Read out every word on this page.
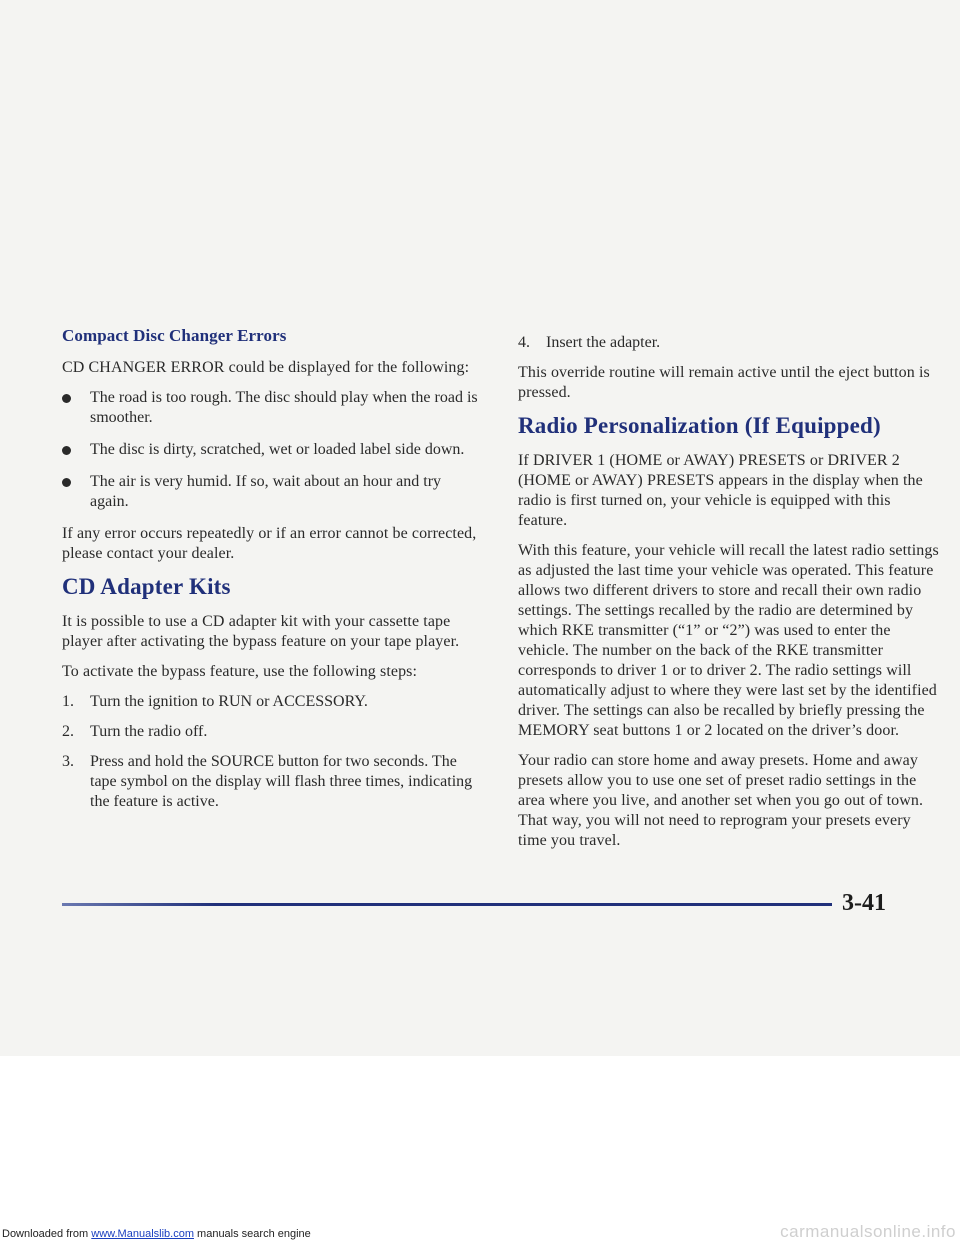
Compact Disc Changer Errors

CD CHANGER ERROR could be displayed for the following:

The road is too rough. The disc should play when the road is smoother.
The disc is dirty, scratched, wet or loaded label side down.
The air is very humid. If so, wait about an hour and try again.

If any error occurs repeatedly or if an error cannot be corrected, please contact your dealer.

CD Adapter Kits

It is possible to use a CD adapter kit with your cassette tape player after activating the bypass feature on your tape player.

To activate the bypass feature, use the following steps:

1. Turn the ignition to RUN or ACCESSORY.
2. Turn the radio off.
3. Press and hold the SOURCE button for two seconds. The tape symbol on the display will flash three times, indicating the feature is active.
4. Insert the adapter.

This override routine will remain active until the eject button is pressed.

Radio Personalization (If Equipped)

If DRIVER 1 (HOME or AWAY) PRESETS or DRIVER 2 (HOME or AWAY) PRESETS appears in the display when the radio is first turned on, your vehicle is equipped with this feature.

With this feature, your vehicle will recall the latest radio settings as adjusted the last time your vehicle was operated. This feature allows two different drivers to store and recall their own radio settings. The settings recalled by the radio are determined by which RKE transmitter (“1” or “2”) was used to enter the vehicle. The number on the back of the RKE transmitter corresponds to driver 1 or to driver 2. The radio settings will automatically adjust to where they were last set by the identified driver. The settings can also be recalled by briefly pressing the MEMORY seat buttons 1 or 2 located on the driver’s door.

Your radio can store home and away presets. Home and away presets allow you to use one set of preset radio settings in the area where you live, and another set when you go out of town. That way, you will not need to reprogram your presets every time you travel.

3-41
Downloaded from www.Manualslib.com manuals search engine	carmanualsonline.info
